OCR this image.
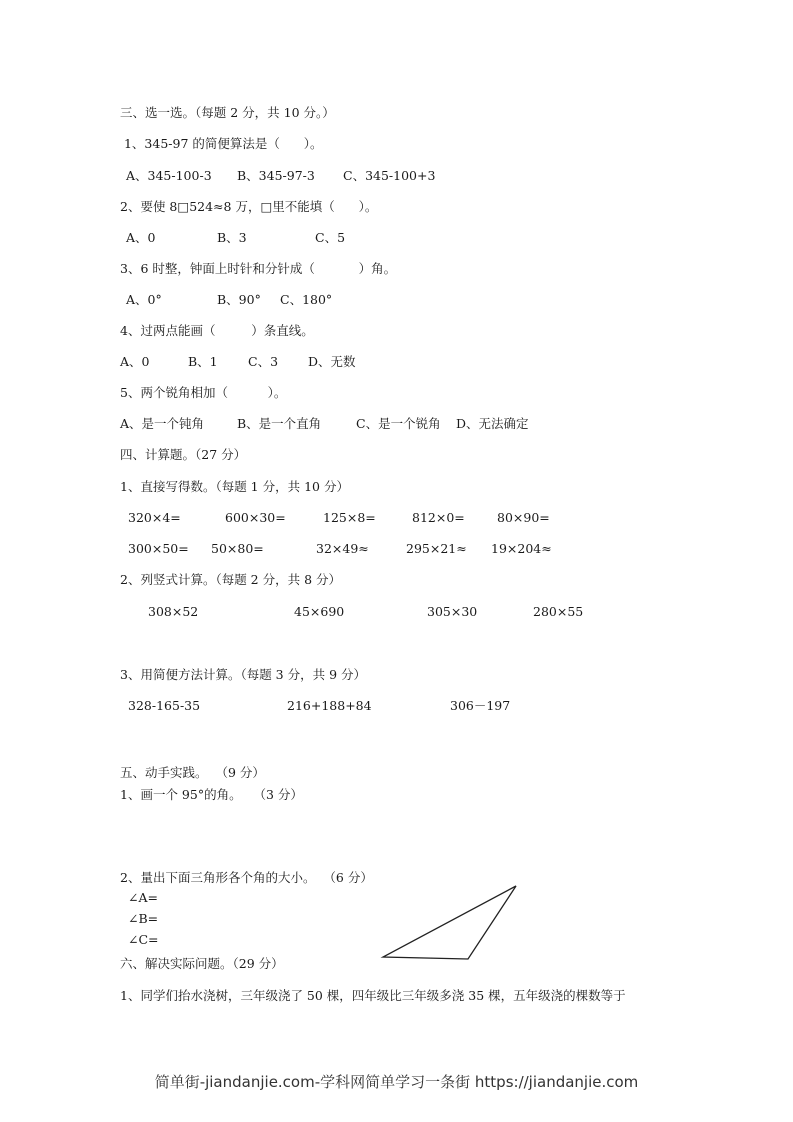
三、选一选。（每题 2 分，共 10 分。）
1、345-97 的简便算法是（      ）。
A、345-100-3 B、345-97-3 C、345-100+3
2、要使 8□524≈8 万，□里不能填（      ）。
A、0	B、3	C、5
3、6 时整，钟面上时针和分针成（           ）角。
A、0°	B、90° C、180°
4、过两点能画（         ）条直线。
A、0	B、1 C、3 D、无数
5、两个锐角相加（          ）。
A、是一个钝角	B、是一个直角	C、是一个锐角 D、无法确定
四、计算题。（27 分）
1、直接写得数。（每题 1 分，共 10 分）
320×4=	600×30=	125×8=	812×0=	80×90=
300×50= 50×80=	32×49≈	295×21≈ 19×204≈
2、列竖式计算。（每题 2 分，共 8 分）
308×52	45×690	305×30	280×55
3、用简便方法计算。（每题 3 分，共 9 分）
328-165-35	216+188+84	306－197
五、动手实践。  （9 分）
1、画一个 95°的角。   （3 分）
2、量出下面三角形各个角的大小。  （6 分）
∠A=
∠B=
∠C=
六、解决实际问题。（29 分）
1、同学们抬水浇树，三年级浇了 50 棵，四年级比三年级多浇 35 棵，五年级浇的棵数等于
简单街-jiandanjie.com-学科网简单学习一条街 https://jiandanjie.com
